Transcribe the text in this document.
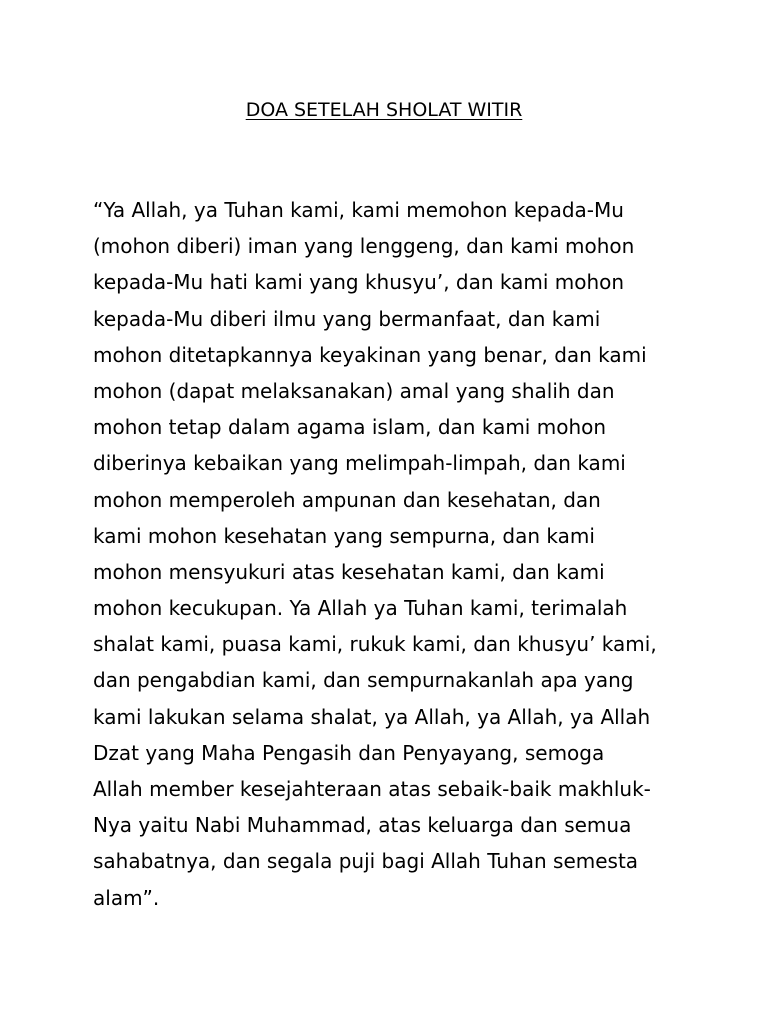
DOA SETELAH SHOLAT WITIR
“Ya Allah, ya Tuhan kami, kami memohon kepada-Mu
(mohon diberi) iman yang lenggeng, dan kami mohon
kepada-Mu hati kami yang khusyu’, dan kami mohon
kepada-Mu diberi ilmu yang bermanfaat, dan kami
mohon ditetapkannya keyakinan yang benar, dan kami
mohon (dapat melaksanakan) amal yang shalih dan
mohon tetap dalam agama islam, dan kami mohon
diberinya kebaikan yang melimpah-limpah, dan kami
mohon memperoleh ampunan dan kesehatan, dan
kami mohon kesehatan yang sempurna, dan kami
mohon mensyukuri atas kesehatan kami, dan kami
mohon kecukupan. Ya Allah ya Tuhan kami, terimalah
shalat kami, puasa kami, rukuk kami, dan khusyu’ kami,
dan pengabdian kami, dan sempurnakanlah apa yang
kami lakukan selama shalat, ya Allah, ya Allah, ya Allah
Dzat yang Maha Pengasih dan Penyayang, semoga
Allah member kesejahteraan atas sebaik-baik makhluk-
Nya yaitu Nabi Muhammad, atas keluarga dan semua
sahabatnya, dan segala puji bagi Allah Tuhan semesta
alam”.
